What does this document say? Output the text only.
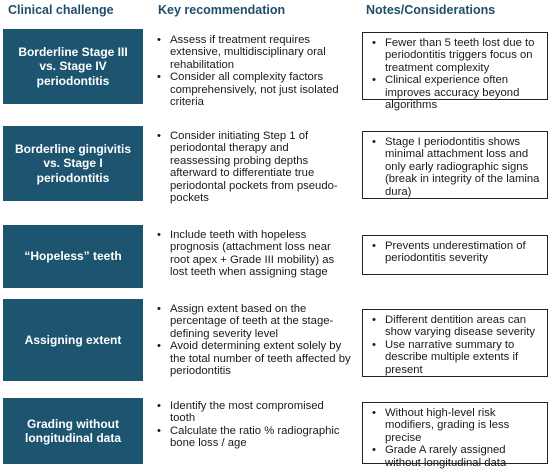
Clinical challenge	Key recommendation	Notes/Considerations
Borderline Stage III vs. Stage IV periodontitis
• Assess if treatment requires extensive, multidisciplinary oral rehabilitation
• Consider all complexity factors comprehensively, not just isolated criteria
• Fewer than 5 teeth lost due to periodontitis triggers focus on treatment complexity
• Clinical experience often improves accuracy beyond algorithms
Borderline gingivitis vs. Stage I periodontitis
• Consider initiating Step 1 of periodontal therapy and reassessing probing depths afterward to differentiate true periodontal pockets from pseudo-pockets
• Stage I periodontitis shows minimal attachment loss and only early radiographic signs (break in integrity of the lamina dura)
“Hopeless” teeth
• Include teeth with hopeless prognosis (attachment loss near root apex + Grade III mobility) as lost teeth when assigning stage
• Prevents underestimation of periodontitis severity
Assigning extent
• Assign extent based on the percentage of teeth at the stage-defining severity level
• Avoid determining extent solely by the total number of teeth affected by periodontitis
• Different dentition areas can show varying disease severity
• Use narrative summary to describe multiple extents if present
Grading without longitudinal data
• Identify the most compromised tooth
• Calculate the ratio % radiographic bone loss / age
• Without high-level risk modifiers, grading is less precise
• Grade A rarely assigned without longitudinal data
